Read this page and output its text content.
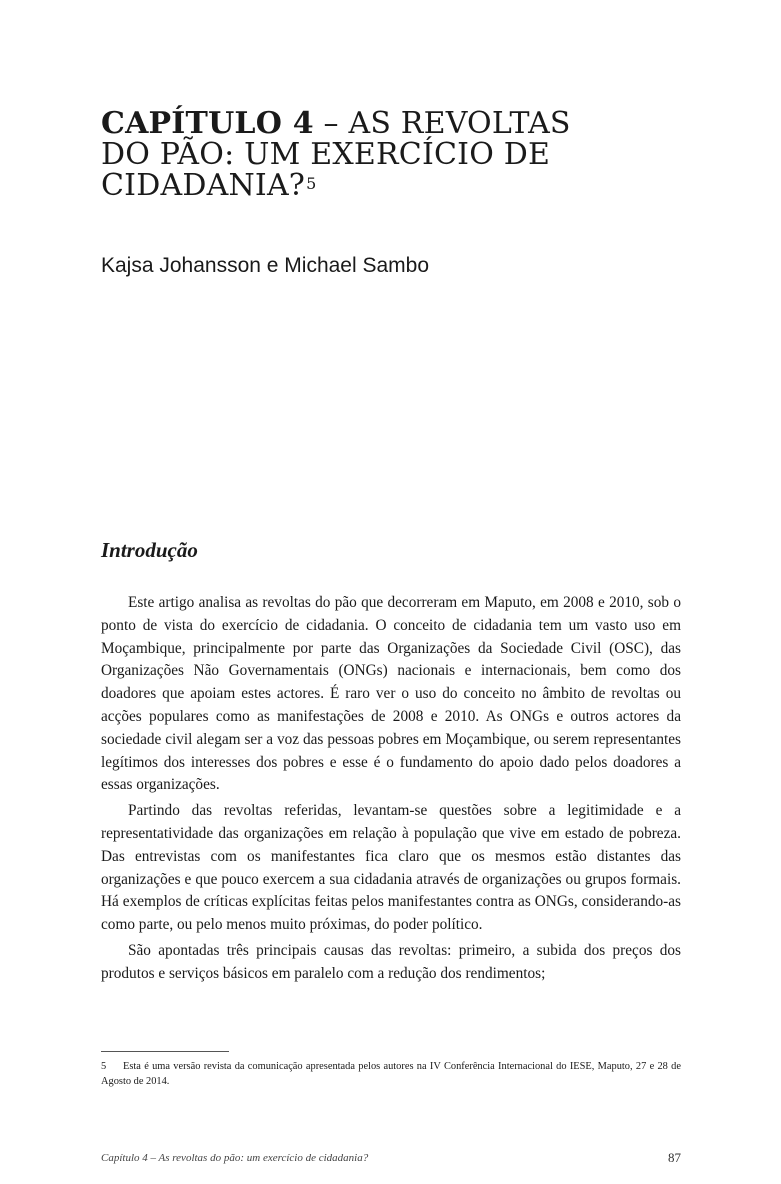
CAPÍTULO 4 – AS REVOLTAS
DO PÃO: UM EXERCÍCIO DE
CIDADANIA?$^5$

Kajsa Johansson e Michael Sambo

Introdução

Este artigo analisa as revoltas do pão que decorreram em Maputo, em 2008 e 2010, sob o ponto de vista do exercício de cidadania. O conceito de cidadania tem um vasto uso em Moçambique, principalmente por parte das Organizações da Sociedade Civil (OSC), das Organizações Não Governamentais (ONGs) nacionais e internacionais, bem como dos doadores que apoiam estes actores. É raro ver o uso do conceito no âmbito de revoltas ou acções populares como as manifestações de 2008 e 2010. As ONGs e outros actores da sociedade civil alegam ser a voz das pessoas pobres em Moçambique, ou serem representantes legítimos dos interesses dos pobres e esse é o fundamento do apoio dado pelos doadores a essas organizações.

Partindo das revoltas referidas, levantam-se questões sobre a legitimidade e a representatividade das organizações em relação à população que vive em estado de pobreza. Das entrevistas com os manifestantes fica claro que os mesmos estão distantes das organizações e que pouco exercem a sua cidadania através de organizações ou grupos formais. Há exemplos de críticas explícitas feitas pelos manifestantes contra as ONGs, considerando-as como parte, ou pelo menos muito próximas, do poder político.

São apontadas três principais causas das revoltas: primeiro, a subida dos preços dos produtos e serviços básicos em paralelo com a redução dos rendimentos;

5 Esta é uma versão revista da comunicação apresentada pelos autores na IV Conferência Internacional do IESE, Maputo, 27 e 28 de Agosto de 2014.

Capítulo 4 – As revoltas do pão: um exercício de cidadania?	87
